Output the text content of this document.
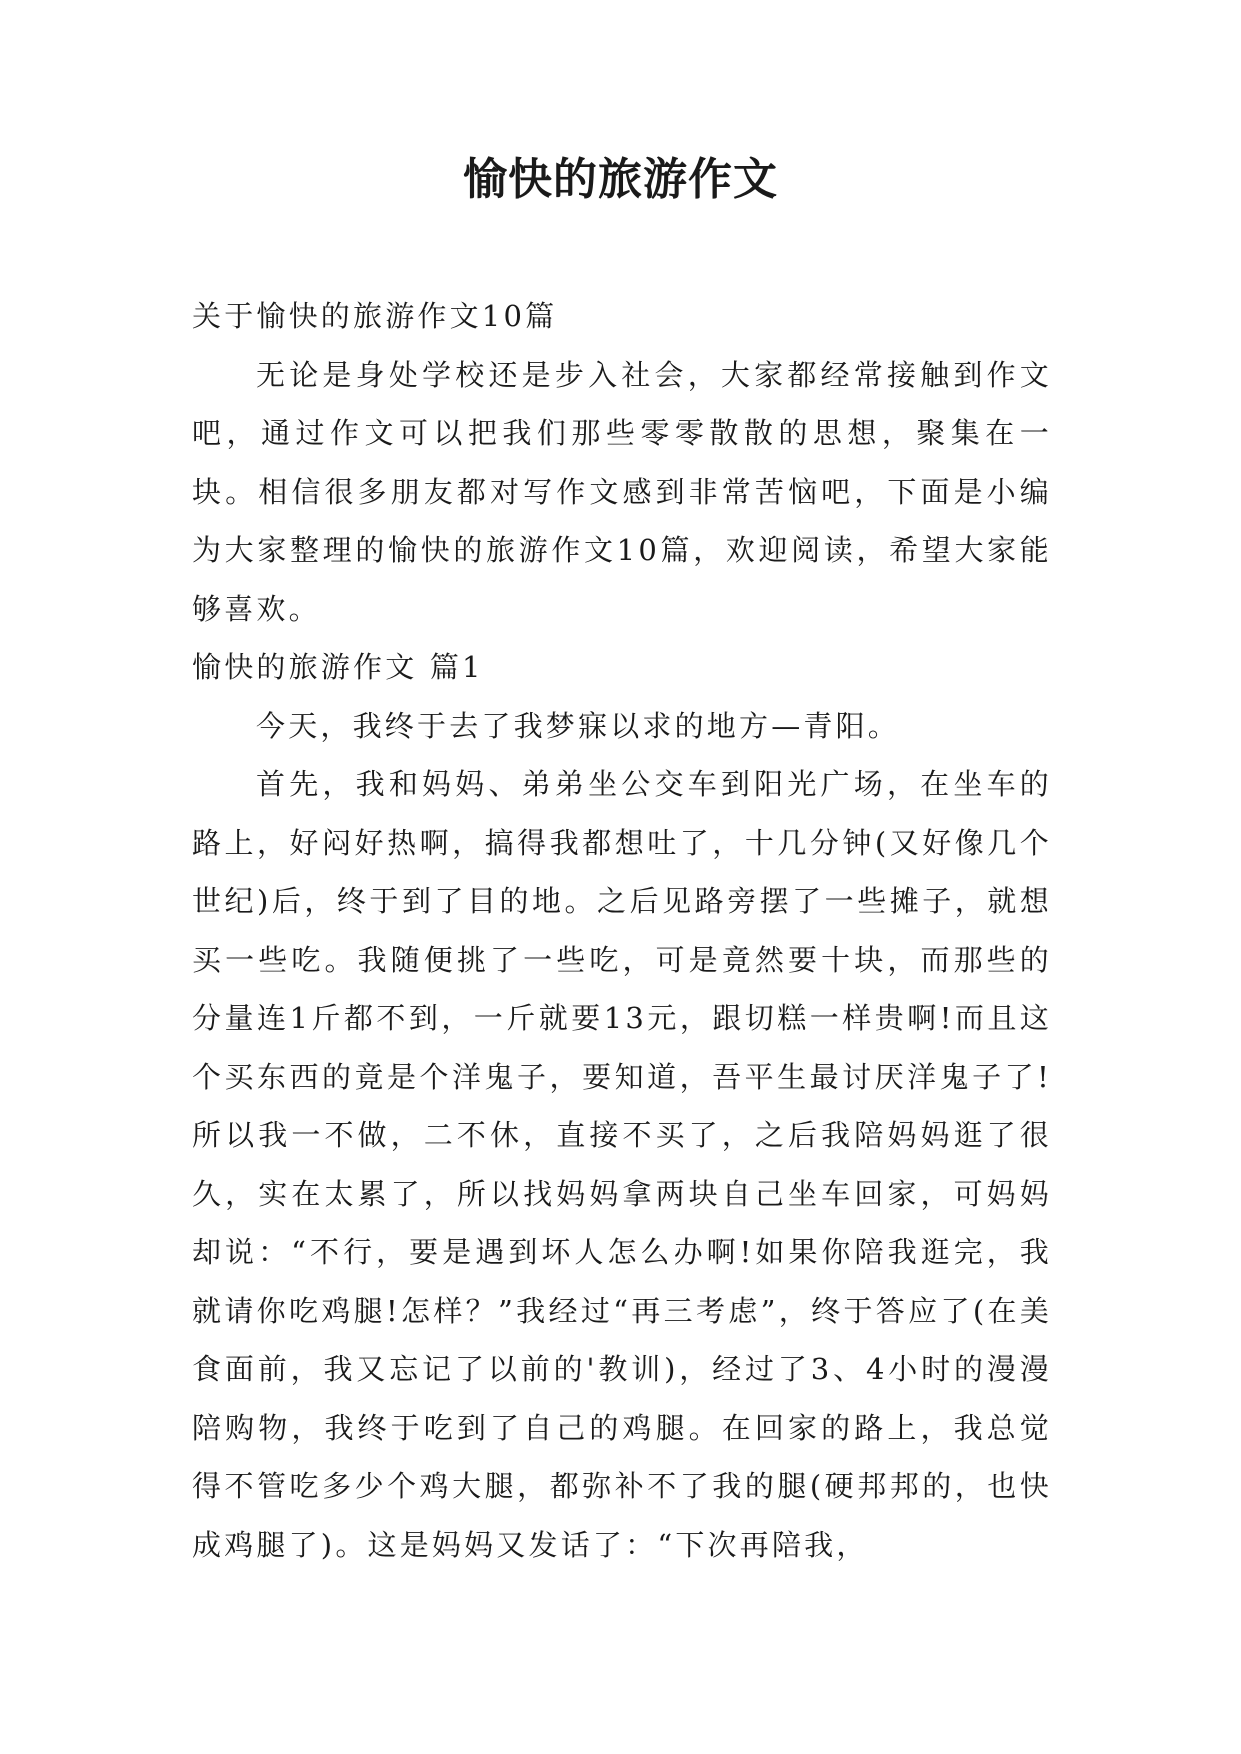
愉快的旅游作文

关于愉快的旅游作文10篇

无论是身处学校还是步入社会，大家都经常接触到作文吧，通过作文可以把我们那些零零散散的思想，聚集在一块。相信很多朋友都对写作文感到非常苦恼吧，下面是小编为大家整理的愉快的旅游作文10篇，欢迎阅读，希望大家能够喜欢。

愉快的旅游作文 篇1

今天，我终于去了我梦寐以求的地方—青阳。

首先，我和妈妈、弟弟坐公交车到阳光广场，在坐车的路上，好闷好热啊，搞得我都想吐了，十几分钟(又好像几个世纪)后，终于到了目的地。之后见路旁摆了一些摊子，就想买一些吃。我随便挑了一些吃，可是竟然要十块，而那些的分量连1斤都不到，一斤就要13元，跟切糕一样贵啊!而且这个买东西的竟是个洋鬼子，要知道，吾平生最讨厌洋鬼子了!所以我一不做，二不休，直接不买了，之后我陪妈妈逛了很久，实在太累了，所以找妈妈拿两块自己坐车回家，可妈妈却说：“不行，要是遇到坏人怎么办啊!如果你陪我逛完，我就请你吃鸡腿!怎样？”我经过“再三考虑”，终于答应了(在美食面前，我又忘记了以前的'教训)，经过了3、4小时的漫漫陪购物，我终于吃到了自己的鸡腿。在回家的路上，我总觉得不管吃多少个鸡大腿，都弥补不了我的腿(硬邦邦的，也快成鸡腿了)。这是妈妈又发话了：“下次再陪我，
